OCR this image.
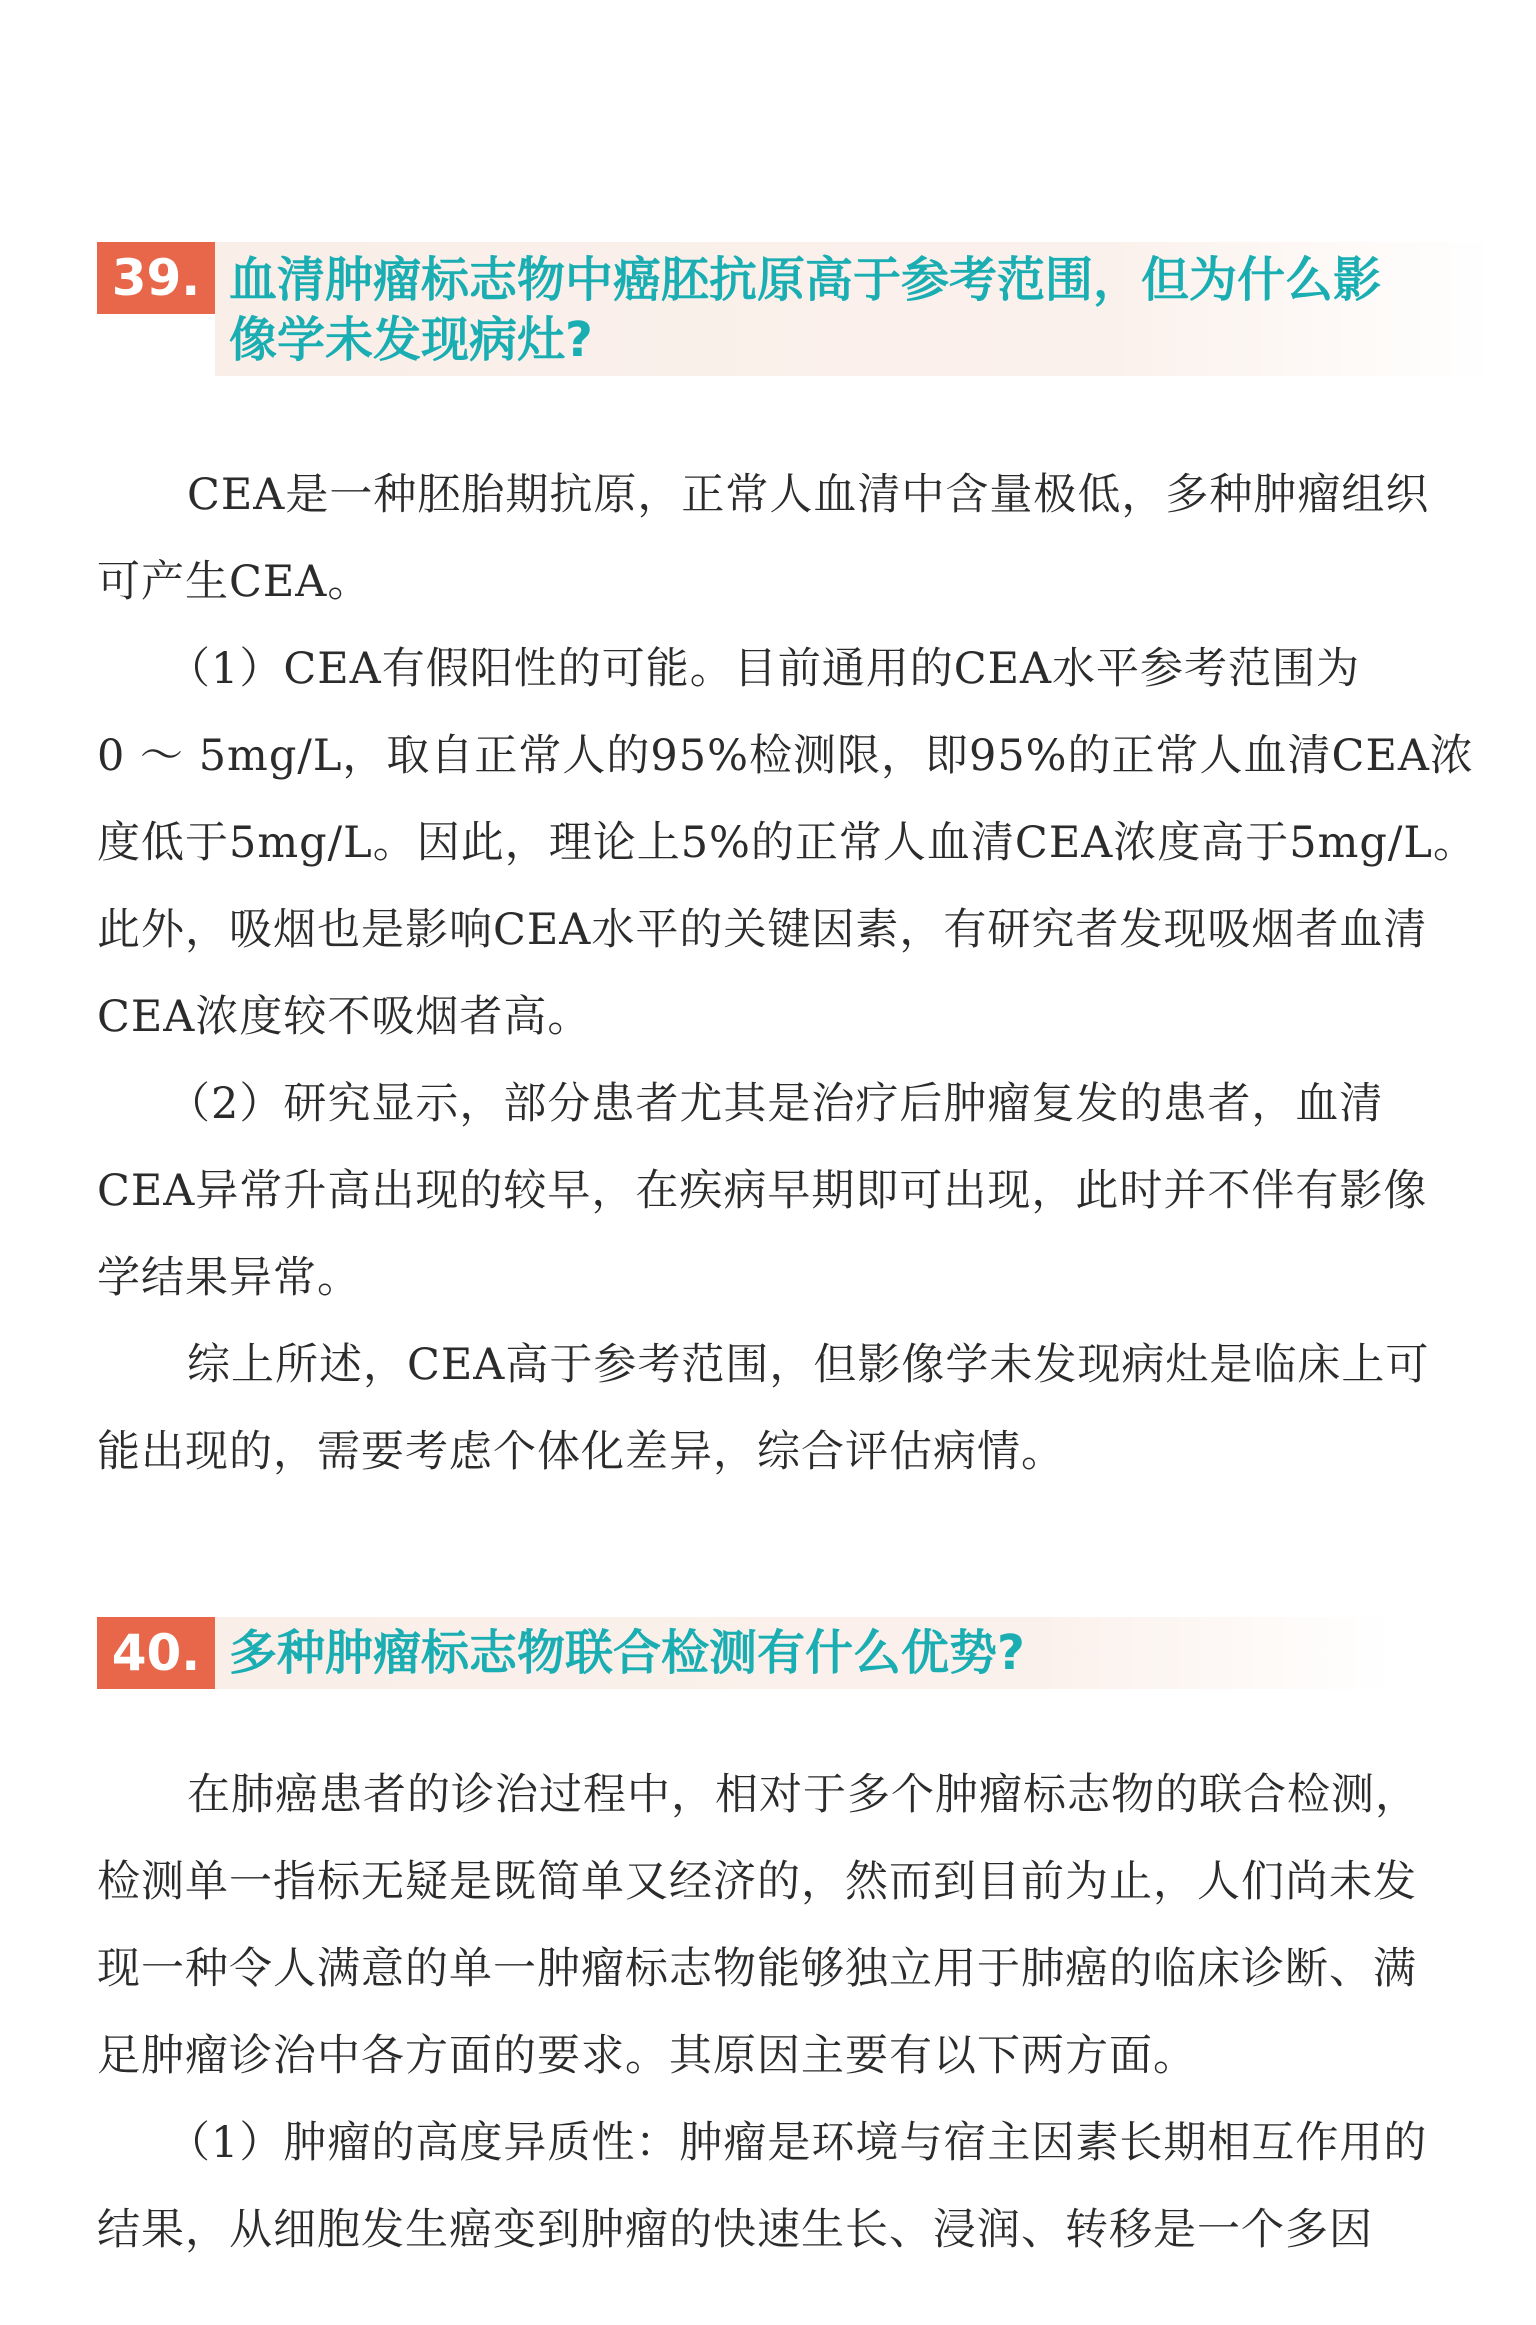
39. 血清肿瘤标志物中癌胚抗原高于参考范围，但为什么影
像学未发现病灶?
CEA是一种胚胎期抗原，正常人血清中含量极低，多种肿瘤组织
可产生CEA。
（1）CEA有假阳性的可能。目前通用的CEA水平参考范围为
0 ～ 5mg/L，取自正常人的95%检测限，即95%的正常人血清CEA浓
度低于5mg/L。因此，理论上5%的正常人血清CEA浓度高于5mg/L。
此外，吸烟也是影响CEA水平的关键因素，有研究者发现吸烟者血清
CEA浓度较不吸烟者高。
（2）研究显示，部分患者尤其是治疗后肿瘤复发的患者，血清
CEA异常升高出现的较早，在疾病早期即可出现，此时并不伴有影像
学结果异常。
综上所述，CEA高于参考范围，但影像学未发现病灶是临床上可
能出现的，需要考虑个体化差异，综合评估病情。
40. 多种肿瘤标志物联合检测有什么优势?
在肺癌患者的诊治过程中，相对于多个肿瘤标志物的联合检测，
检测单一指标无疑是既简单又经济的，然而到目前为止，人们尚未发
现一种令人满意的单一肿瘤标志物能够独立用于肺癌的临床诊断、满
足肿瘤诊治中各方面的要求。其原因主要有以下两方面。
（1）肿瘤的高度异质性：肿瘤是环境与宿主因素长期相互作用的
结果，从细胞发生癌变到肿瘤的快速生长、浸润、转移是一个多因
